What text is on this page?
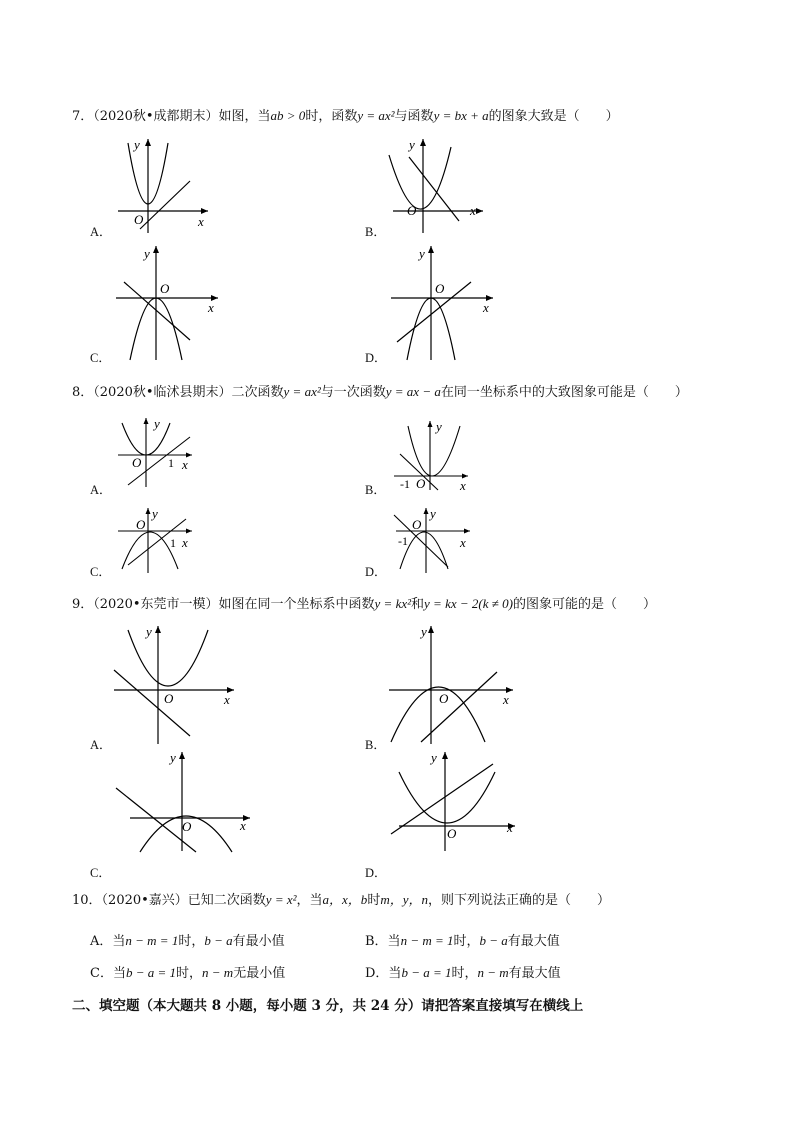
7．（2020秋•成都期末）如图，当ab > 0时，函数y = ax²与函数y = bx + a的图象大致是（　　）
y
x
O
A．
y
x
O
B．
y
x
O
C．
y
x
O
D．
8．（2020秋•临沭县期末）二次函数y = ax²与一次函数y = ax − a在同一坐标系中的大致图象可能是（　　）
y
x
O 1
A．
y
x
O
-1
B．
y
x
O
1
C．
y
x
O
-1
D．
9．（2020•东莞市一模）如图在同一个坐标系中函数y = kx²和y = kx − 2(k ≠ 0)的图象可能的是（　　）
y
x
O
A．
y
x
O
B．
y
x
O
C．
y
x
O
D．
10．（2020•嘉兴）已知二次函数y = x²，当a，x，b时m，y，n，则下列说法正确的是（　　）
A．当n − m = 1时，b − a有最小值	B．当n − m = 1时，b − a有最大值
C．当b − a = 1时，n − m无最小值	D．当b − a = 1时，n − m有最大值
二、填空题（本大题共 8 小题，每小题 3 分，共 24 分）请把答案直接填写在横线上
